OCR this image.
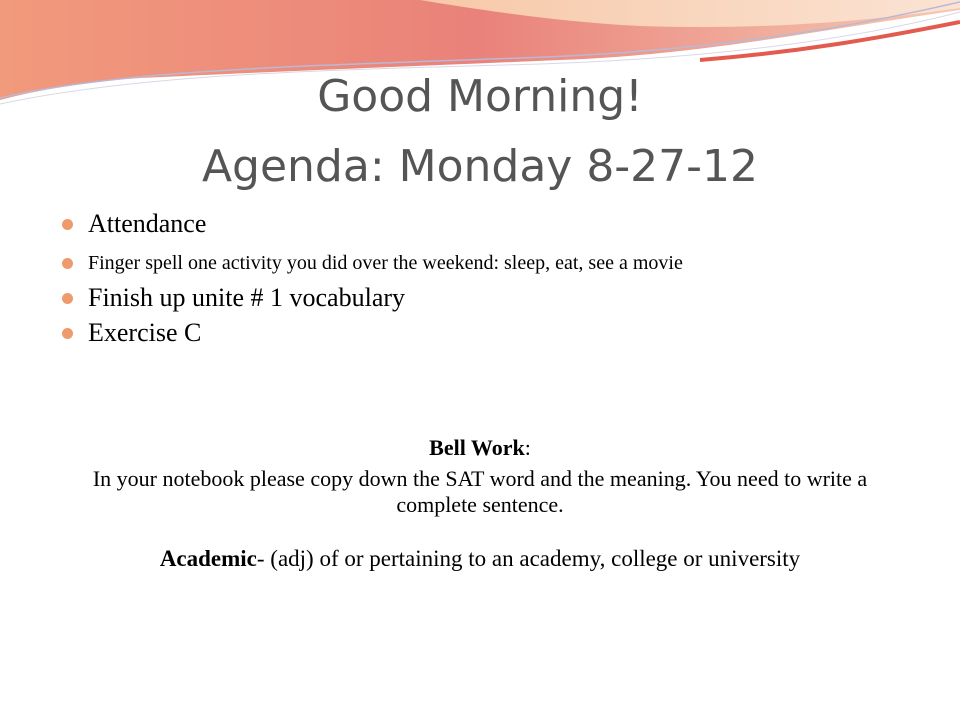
Good Morning!
Agenda: Monday 8-27-12
Attendance
Finger spell one activity you did over the weekend: sleep, eat, see a movie
Finish up unite # 1 vocabulary
Exercise C

Bell Work:

In your notebook please copy down the SAT word and the meaning. You need to write a complete sentence.

Academic- (adj) of or pertaining to an academy, college or university
